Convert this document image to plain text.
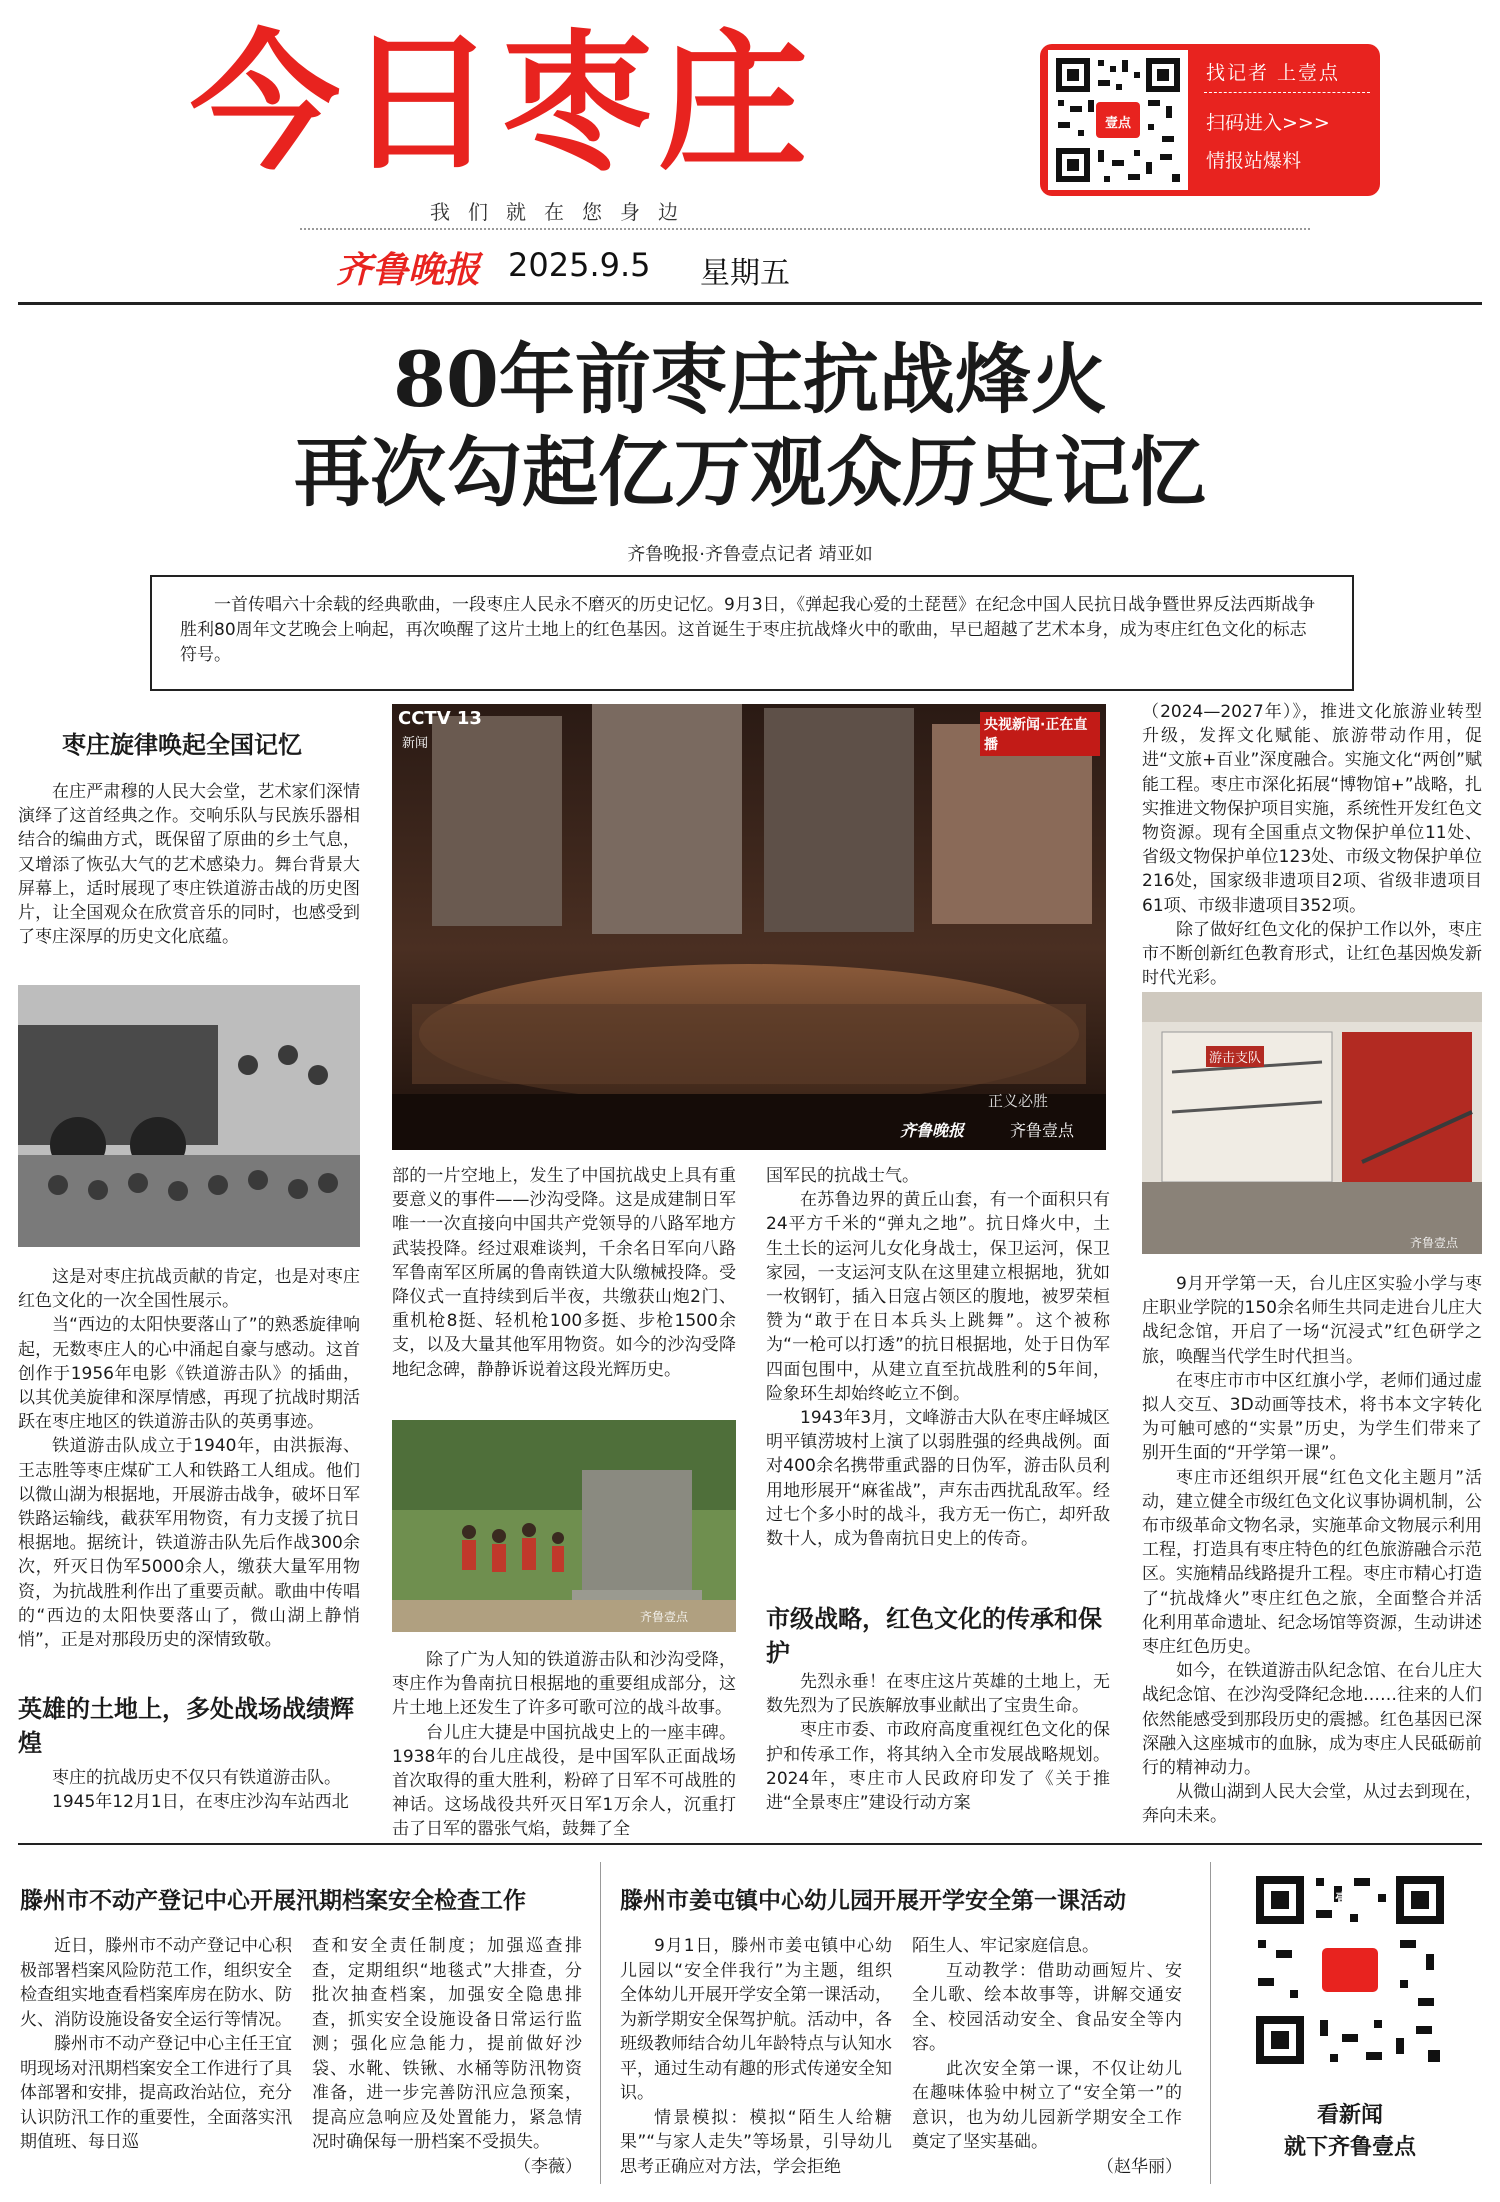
今日枣庄
我们就在您身边
齐鲁晚报 2025.9.5 星期五
壹点
找记者 上壹点
扫码进入>>>
情报站爆料
80年前枣庄抗战烽火
再次勾起亿万观众历史记忆
齐鲁晚报·齐鲁壹点记者 靖亚如
一首传唱六十余载的经典歌曲，一段枣庄人民永不磨灭的历史记忆。9月3日，《弹起我心爱的土琵琶》在纪念中国人民抗日战争暨世界反法西斯战争胜利80周年文艺晚会上响起，再次唤醒了这片土地上的红色基因。这首诞生于枣庄抗战烽火中的歌曲，早已超越了艺术本身，成为枣庄红色文化的标志符号。
CCTV 13
新闻
央视新闻·正在直播
正义必胜
齐鲁晚报	齐鲁壹点
枣庄旋律唤起全国记忆

在庄严肃穆的人民大会堂，艺术家们深情演绎了这首经典之作。交响乐队与民族乐器相结合的编曲方式，既保留了原曲的乡土气息，又增添了恢弘大气的艺术感染力。舞台背景大屏幕上，适时展现了枣庄铁道游击战的历史图片，让全国观众在欣赏音乐的同时，也感受到了枣庄深厚的历史文化底蕴。

这是对枣庄抗战贡献的肯定，也是对枣庄红色文化的一次全国性展示。

当“西边的太阳快要落山了”的熟悉旋律响起，无数枣庄人的心中涌起自豪与感动。这首创作于1956年电影《铁道游击队》的插曲，以其优美旋律和深厚情感，再现了抗战时期活跃在枣庄地区的铁道游击队的英勇事迹。

铁道游击队成立于1940年，由洪振海、王志胜等枣庄煤矿工人和铁路工人组成。他们以微山湖为根据地，开展游击战争，破坏日军铁路运输线，截获军用物资，有力支援了抗日根据地。据统计，铁道游击队先后作战300余次，歼灭日伪军5000余人，缴获大量军用物资，为抗战胜利作出了重要贡献。歌曲中传唱的“西边的太阳快要落山了，微山湖上静悄悄”，正是对那段历史的深情致敬。

英雄的土地上，多处战场战绩辉煌

枣庄的抗战历史不仅只有铁道游击队。

1945年12月1日，在枣庄沙沟车站西北

部的一片空地上，发生了中国抗战史上具有重要意义的事件——沙沟受降。这是成建制日军唯一一次直接向中国共产党领导的八路军地方武装投降。经过艰难谈判，千余名日军向八路军鲁南军区所属的鲁南铁道大队缴械投降。受降仪式一直持续到后半夜，共缴获山炮2门、重机枪8挺、轻机枪100多挺、步枪1500余支，以及大量其他军用物资。如今的沙沟受降地纪念碑，静静诉说着这段光辉历史。

齐鲁壹点

除了广为人知的铁道游击队和沙沟受降，枣庄作为鲁南抗日根据地的重要组成部分，这片土地上还发生了许多可歌可泣的战斗故事。

台儿庄大捷是中国抗战史上的一座丰碑。1938年的台儿庄战役，是中国军队正面战场首次取得的重大胜利，粉碎了日军不可战胜的神话。这场战役共歼灭日军1万余人，沉重打击了日军的嚣张气焰，鼓舞了全

国军民的抗战士气。

在苏鲁边界的黄丘山套，有一个面积只有24平方千米的“弹丸之地”。抗日烽火中，土生土长的运河儿女化身战士，保卫运河，保卫家园，一支运河支队在这里建立根据地，犹如一枚钢钉，插入日寇占领区的腹地，被罗荣桓赞为“敢于在日本兵头上跳舞”。这个被称为“一枪可以打透”的抗日根据地，处于日伪军四面包围中，从建立直至抗战胜利的5年间，险象环生却始终屹立不倒。

1943年3月，文峰游击大队在枣庄峄城区明平镇涝坡村上演了以弱胜强的经典战例。面对400余名携带重武器的日伪军，游击队员利用地形展开“麻雀战”，声东击西扰乱敌军。经过七个多小时的战斗，我方无一伤亡，却歼敌数十人，成为鲁南抗日史上的传奇。

市级战略，红色文化的传承和保护

先烈永垂！在枣庄这片英雄的土地上，无数先烈为了民族解放事业献出了宝贵生命。

枣庄市委、市政府高度重视红色文化的保护和传承工作，将其纳入全市发展战略规划。2024年，枣庄市人民政府印发了《关于推进“全景枣庄”建设行动方案

（2024—2027年）》，推进文化旅游业转型升级，发挥文化赋能、旅游带动作用，促进“文旅+百业”深度融合。实施文化“两创”赋能工程。枣庄市深化拓展“博物馆+”战略，扎实推进文物保护项目实施，系统性开发红色文物资源。现有全国重点文物保护单位11处、省级文物保护单位123处、市级文物保护单位216处，国家级非遗项目2项、省级非遗项目61项、市级非遗项目352项。

除了做好红色文化的保护工作以外，枣庄市不断创新红色教育形式，让红色基因焕发新时代光彩。

游击支队
齐鲁壹点

9月开学第一天，台儿庄区实验小学与枣庄职业学院的150余名师生共同走进台儿庄大战纪念馆，开启了一场“沉浸式”红色研学之旅，唤醒当代学生时代担当。

在枣庄市市中区红旗小学，老师们通过虚拟人交互、3D动画等技术，将书本文字转化为可触可感的“实景”历史，为学生们带来了别开生面的“开学第一课”。

枣庄市还组织开展“红色文化主题月”活动，建立健全市级红色文化议事协调机制，公布市级革命文物名录，实施革命文物展示利用工程，打造具有枣庄特色的红色旅游融合示范区。实施精品线路提升工程。枣庄市精心打造了“抗战烽火”枣庄红色之旅，全面整合并活化利用革命遗址、纪念场馆等资源，生动讲述枣庄红色历史。

如今，在铁道游击队纪念馆、在台儿庄大战纪念馆、在沙沟受降纪念地……往来的人们依然能感受到那段历史的震撼。红色基因已深深融入这座城市的血脉，成为枣庄人民砥砺前行的精神动力。

从微山湖到人民大会堂，从过去到现在，奔向未来。

滕州市不动产登记中心开展汛期档案安全检查工作

近日，滕州市不动产登记中心积极部署档案风险防范工作，组织安全检查组实地查看档案库房在防水、防火、消防设施设备安全运行等情况。

滕州市不动产登记中心主任王宜明现场对汛期档案安全工作进行了具体部署和安排，提高政治站位，充分认识防汛工作的重要性，全面落实汛期值班、每日巡

查和安全责任制度；加强巡查排查，定期组织“地毯式”大排查，分批次抽查档案，加强安全隐患排查，抓实安全设施设备日常运行监测；强化应急能力，提前做好沙袋、水靴、铁锹、水桶等防汛物资准备，进一步完善防汛应急预案，提高应急响应及处置能力，紧急情况时确保每一册档案不受损失。

（李薇）

滕州市姜屯镇中心幼儿园开展开学安全第一课活动

9月1日，滕州市姜屯镇中心幼儿园以“安全伴我行”为主题，组织全体幼儿开展开学安全第一课活动，为新学期安全保驾护航。活动中，各班级教师结合幼儿年龄特点与认知水平，通过生动有趣的形式传递安全知识。

情景模拟：模拟“陌生人给糖果”“与家人走失”等场景，引导幼儿思考正确应对方法，学会拒绝

陌生人、牢记家庭信息。

互动教学：借助动画短片、安全儿歌、绘本故事等，讲解交通安全、校园活动安全、食品安全等内容。

此次安全第一课，不仅让幼儿在趣味体验中树立了“安全第一”的意识，也为幼儿园新学期安全工作奠定了坚实基础。

（赵华丽）

壹点
看新闻
就下齐鲁壹点
